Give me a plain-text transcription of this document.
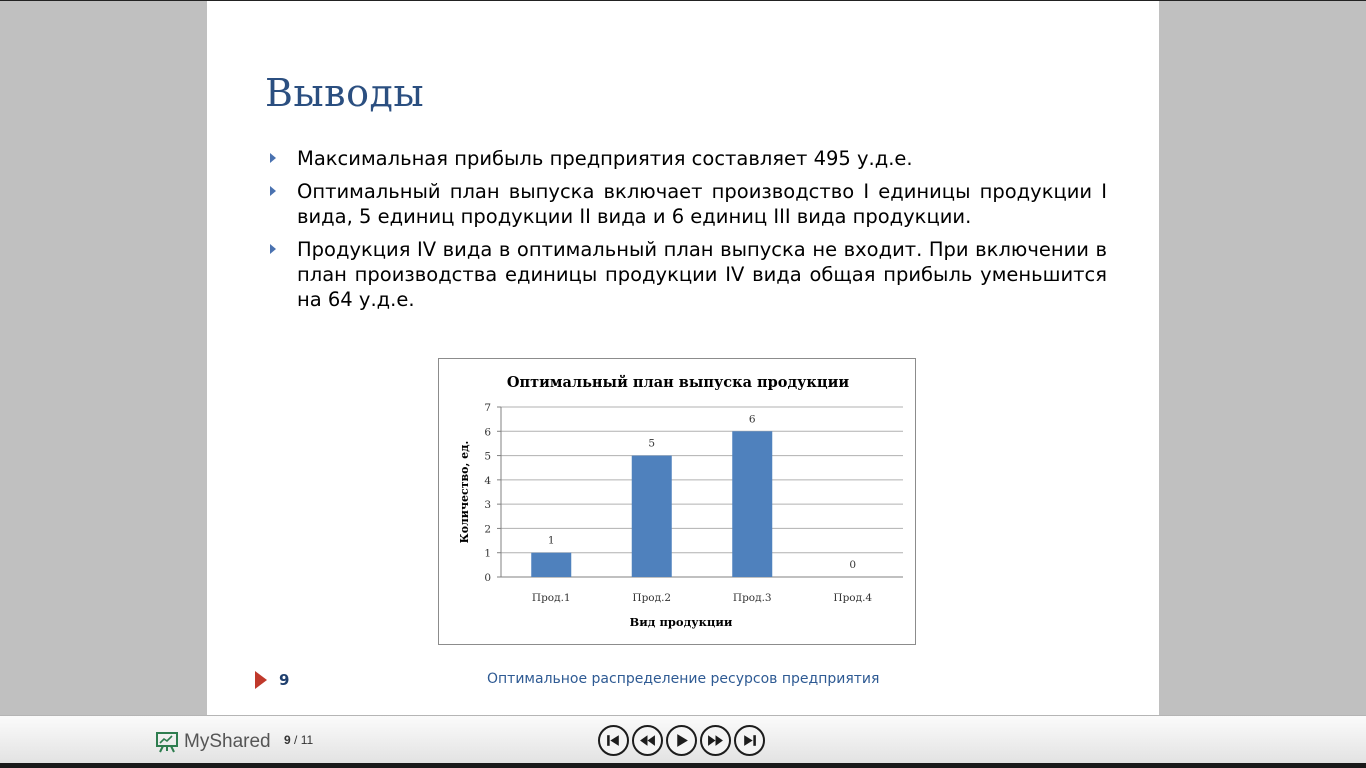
Выводы
Максимальная прибыль предприятия составляет 495 у.д.е.
Оптимальный план выпуска включает производство I единицы продукции I вида, 5 единиц продукции II вида и 6 единиц III вида продукции.
Продукция IV вида в оптимальный план выпуска не входит. При включении в план производства единицы продукции IV вида общая прибыль уменьшится на 64 у.д.е.
Оптимальный план выпуска продукции
0
1
2
3
4
5
6
7
1
5
6
0
Прод.1	Прод.2	Прод.3	Прод.4
Вид продукции
Количество, ед.
9	Оптимальное распределение ресурсов предприятия
MyShared 9 / 11
